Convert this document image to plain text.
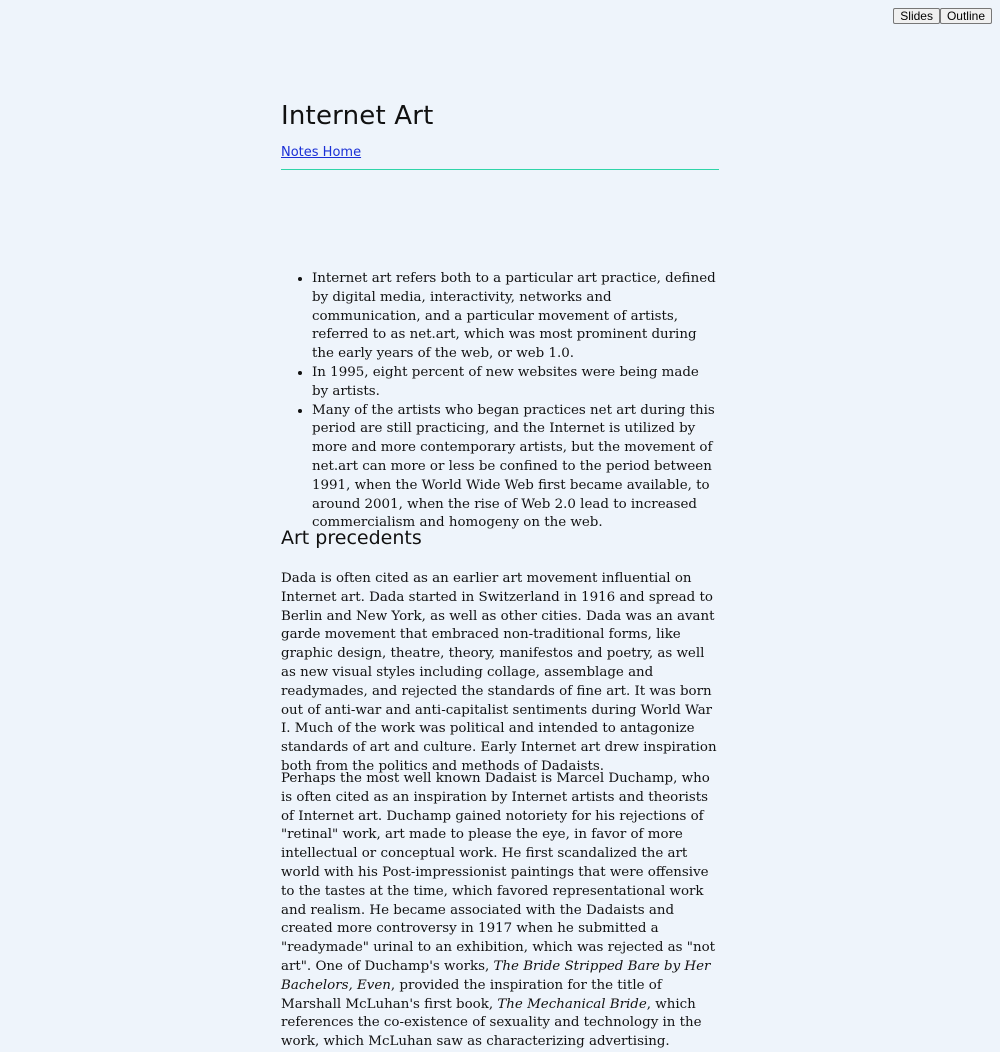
Slides	Outline
Internet Art
Notes Home
• Internet art refers both to a particular art practice, defined by digital media, interactivity, networks and communication, and a particular movement of artists, referred to as net.art, which was most prominent during the early years of the web, or web 1.0.
• In 1995, eight percent of new websites were being made by artists.
• Many of the artists who began practices net art during this period are still practicing, and the Internet is utilized by more and more contemporary artists, but the movement of net.art can more or less be confined to the period between 1991, when the World Wide Web first became available, to around 2001, when the rise of Web 2.0 lead to increased commercialism and homogeny on the web.
Art precedents

Dada is often cited as an earlier art movement influential on Internet art. Dada started in Switzerland in 1916 and spread to Berlin and New York, as well as other cities. Dada was an avant garde movement that embraced non-traditional forms, like graphic design, theatre, theory, manifestos and poetry, as well as new visual styles including collage, assemblage and readymades, and rejected the standards of fine art. It was born out of anti-war and anti-capitalist sentiments during World War I. Much of the work was political and intended to antagonize standards of art and culture. Early Internet art drew inspiration both from the politics and methods of Dadaists.

Perhaps the most well known Dadaist is Marcel Duchamp, who is often cited as an inspiration by Internet artists and theorists of Internet art. Duchamp gained notoriety for his rejections of "retinal" work, art made to please the eye, in favor of more intellectual or conceptual work. He first scandalized the art world with his Post-impressionist paintings that were offensive to the tastes at the time, which favored representational work and realism. He became associated with the Dadaists and created more controversy in 1917 when he submitted a "readymade" urinal to an exhibition, which was rejected as "not art". One of Duchamp's works, The Bride Stripped Bare by Her Bachelors, Even, provided the inspiration for the title of Marshall McLuhan's first book, The Mechanical Bride, which references the co-existence of sexuality and technology in the work, which McLuhan saw as characterizing advertising.
